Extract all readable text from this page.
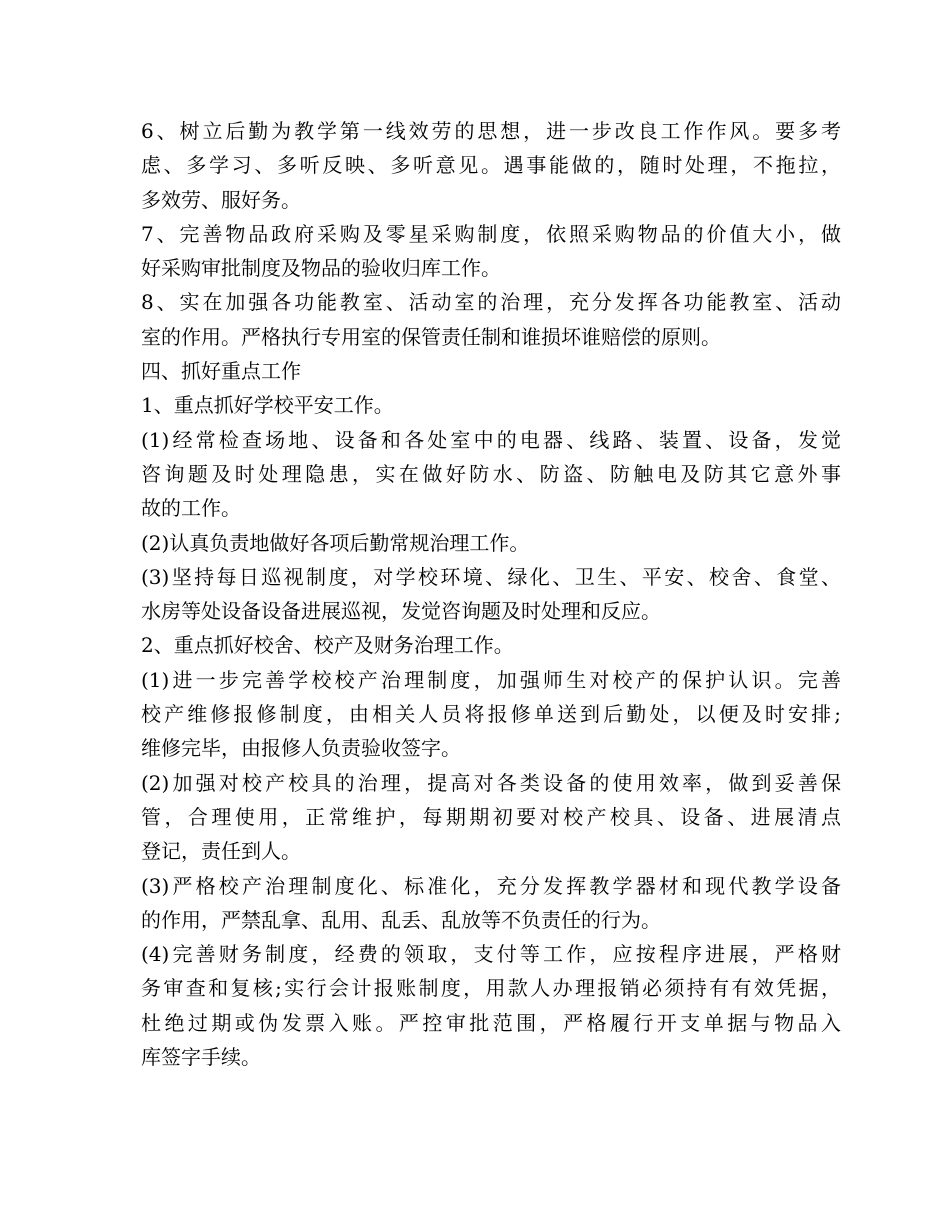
6、树立后勤为教学第一线效劳的思想，进一步改良工作作风。要多考
虑、多学习、多听反映、多听意见。遇事能做的，随时处理，不拖拉，
多效劳、服好务。
7、完善物品政府采购及零星采购制度，依照采购物品的价值大小，做
好采购审批制度及物品的验收归库工作。
8、实在加强各功能教室、活动室的治理，充分发挥各功能教室、活动
室的作用。严格执行专用室的保管责任制和谁损坏谁赔偿的原则。
四、抓好重点工作
1、重点抓好学校平安工作。
(1)经常检查场地、设备和各处室中的电器、线路、装置、设备，发觉
咨询题及时处理隐患，实在做好防水、防盗、防触电及防其它意外事
故的工作。
(2)认真负责地做好各项后勤常规治理工作。
(3)坚持每日巡视制度，对学校环境、绿化、卫生、平安、校舍、食堂、
水房等处设备设备进展巡视，发觉咨询题及时处理和反应。
2、重点抓好校舍、校产及财务治理工作。
(1)进一步完善学校校产治理制度，加强师生对校产的保护认识。完善
校产维修报修制度，由相关人员将报修单送到后勤处，以便及时安排;
维修完毕，由报修人负责验收签字。
(2)加强对校产校具的治理，提高对各类设备的使用效率，做到妥善保
管，合理使用，正常维护，每期期初要对校产校具、设备、进展清点
登记，责任到人。
(3)严格校产治理制度化、标准化，充分发挥教学器材和现代教学设备
的作用，严禁乱拿、乱用、乱丢、乱放等不负责任的行为。
(4)完善财务制度，经费的领取，支付等工作，应按程序进展，严格财
务审查和复核;实行会计报账制度，用款人办理报销必须持有有效凭据，
杜绝过期或伪发票入账。严控审批范围，严格履行开支单据与物品入
库签字手续。
